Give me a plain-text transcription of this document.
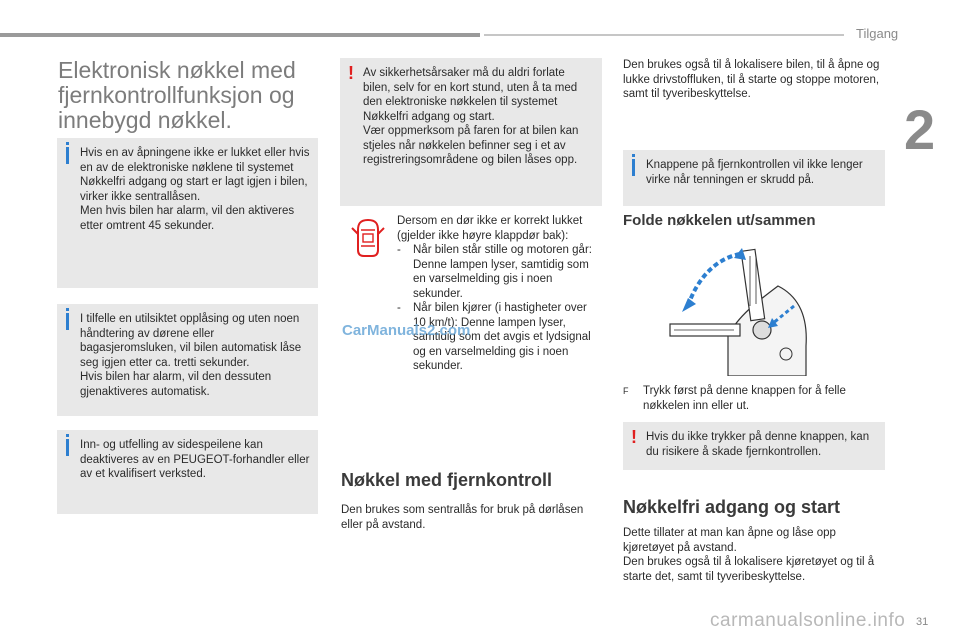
Tilgang
2
31
Elektronisk nøkkel med fjernkontrollfunksjon og innebygd nøkkel.
Hvis en av åpningene ikke er lukket eller hvis en av de elektroniske nøklene til systemet Nøkkelfri adgang og start er lagt igjen i bilen, virker ikke sentrallåsen.
Men hvis bilen har alarm, vil den aktiveres etter omtrent 45 sekunder.
I tilfelle en utilsiktet opplåsing og uten noen håndtering av dørene eller bagasjeromsluken, vil bilen automatisk låse seg igjen etter ca. tretti sekunder.
Hvis bilen har alarm, vil den dessuten gjenaktiveres automatisk.
Inn- og utfelling av sidespeilene kan deaktiveres av en PEUGEOT-forhandler eller av et kvalifisert verksted.
! Av sikkerhetsårsaker må du aldri forlate bilen, selv for en kort stund, uten å ta med den elektroniske nøkkelen til systemet Nøkkelfri adgang og start.
Vær oppmerksom på faren for at bilen kan stjeles når nøkkelen befinner seg i et av registreringsområdene og bilen låses opp.
Dersom en dør ikke er korrekt lukket (gjelder ikke høyre klappdør bak):
-	Når bilen står stille og motoren går: Denne lampen lyser, samtidig som en varselmelding gis i noen sekunder.
-	Når bilen kjører (i hastigheter over 10 km/t): Denne lampen lyser, samtidig som det avgis et lydsignal og en varselmelding gis i noen sekunder.
Nøkkel med fjernkontroll
Den brukes som sentrallås for bruk på dørlåsen eller på avstand.
Den brukes også til å lokalisere bilen, til å åpne og lukke drivstoffluken, til å starte og stoppe motoren, samt til tyveribeskyttelse.
Knappene på fjernkontrollen vil ikke lenger virke når tenningen er skrudd på.
Folde nøkkelen ut/sammen
F	Trykk først på denne knappen for å felle nøkkelen inn eller ut.
! Hvis du ikke trykker på denne knappen, kan du risikere å skade fjernkontrollen.
Nøkkelfri adgang og start
Dette tillater at man kan åpne og låse opp kjøretøyet på avstand.
Den brukes også til å lokalisere kjøretøyet og til å starte det, samt til tyveribeskyttelse.
CarManuals2.com
carmanualsonline.info
